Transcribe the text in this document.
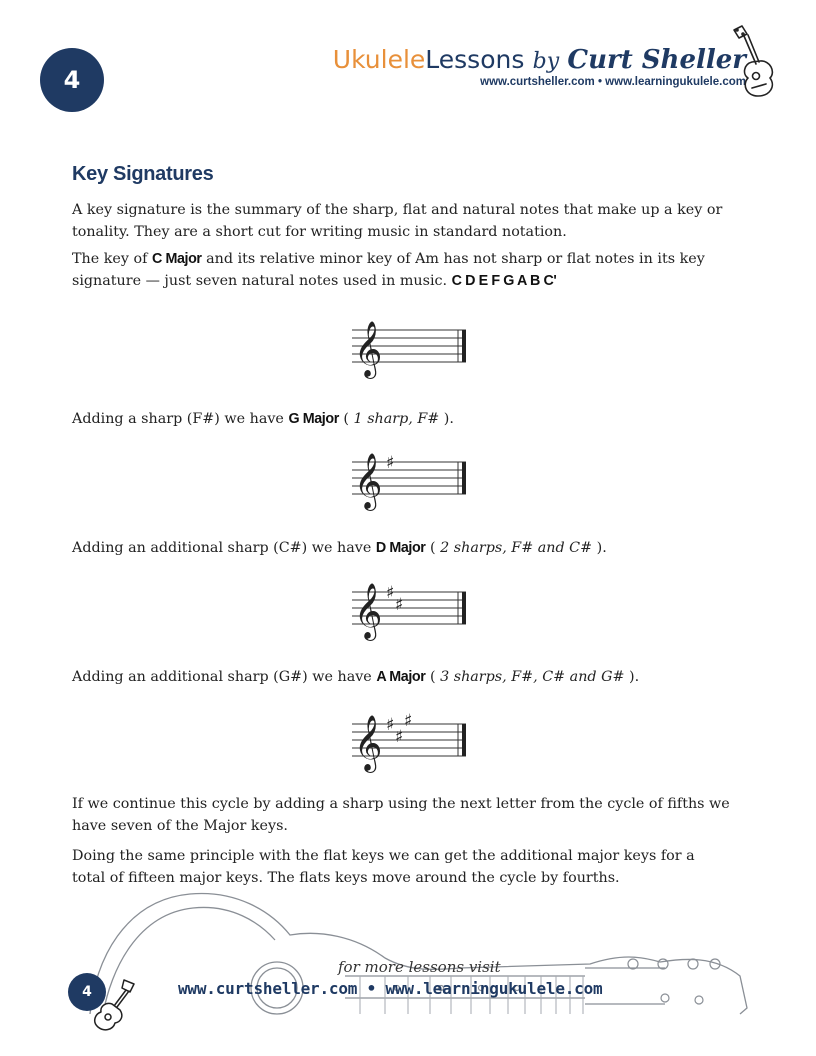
4
UkuleleLessons by Curt Sheller
www.curtsheller.com • www.learningukulele.com
Key Signatures

A key signature is the summary of the sharp, flat and natural notes that make up a key or tonality. They are a short cut for writing music in standard notation.

The key of C Major and its relative minor key of Am has not sharp or flat notes in its key signature — just seven natural notes used in music. C D E F G A B C'

𝄞

Adding a sharp (F#) we have G Major ( 1 sharp, F# ).

𝄞 ♯

Adding an additional sharp (C#) we have D Major ( 2 sharps, F# and C# ).

𝄞 ♯
♯

Adding an additional sharp (G#) we have A Major ( 3 sharps, F#, C# and G# ).

𝄞 ♯
♯
♯

If we continue this cycle by adding a sharp using the next letter from the cycle of fifths we have seven of the Major keys.

Doing the same principle with the flat keys we can get the additional major keys for a total of fifteen major keys. The flats keys move around the cycle by fourths.

for more lessons visit
www.curtsheller.com • www.learningukulele.com
4
